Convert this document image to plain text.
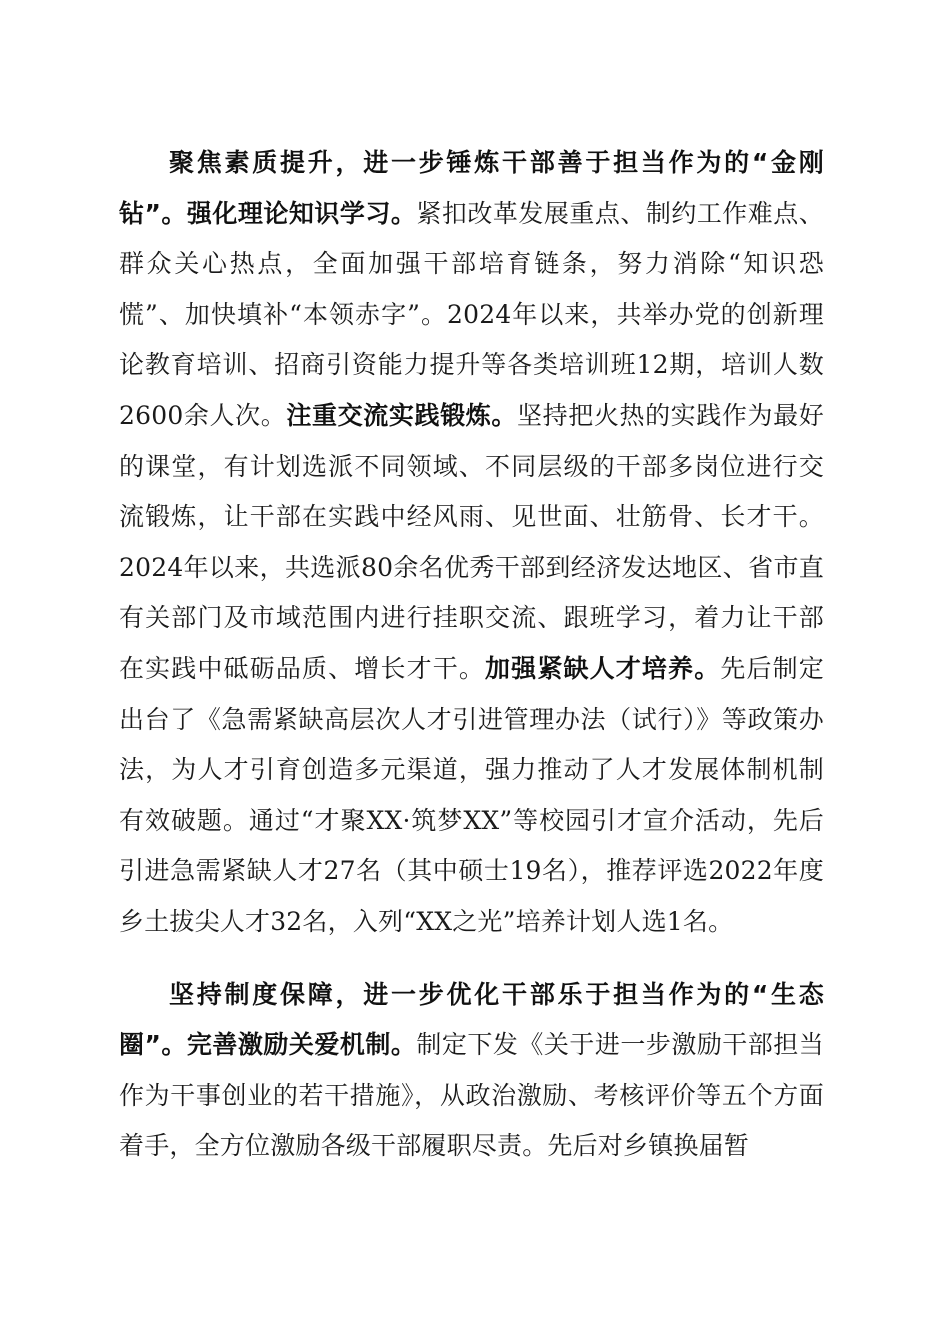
聚焦素质提升，进一步锤炼干部善于担当作为的“金刚钻”。强化理论知识学习。紧扣改革发展重点、制约工作难点、群众关心热点，全面加强干部培育链条，努力消除“知识恐慌”、加快填补“本领赤字”。2024年以来，共举办党的创新理论教育培训、招商引资能力提升等各类培训班12期，培训人数2600余人次。注重交流实践锻炼。坚持把火热的实践作为最好的课堂，有计划选派不同领域、不同层级的干部多岗位进行交流锻炼，让干部在实践中经风雨、见世面、壮筋骨、长才干。2024年以来，共选派80余名优秀干部到经济发达地区、省市直有关部门及市域范围内进行挂职交流、跟班学习，着力让干部在实践中砥砺品质、增长才干。加强紧缺人才培养。先后制定出台了《急需紧缺高层次人才引进管理办法（试行）》等政策办法，为人才引育创造多元渠道，强力推动了人才发展体制机制有效破题。通过“才聚XX·筑梦XX”等校园引才宣介活动，先后引进急需紧缺人才27名（其中硕士19名），推荐评选2022年度乡土拔尖人才32名，入列“XX之光”培养计划人选1名。

坚持制度保障，进一步优化干部乐于担当作为的“生态圈”。完善激励关爱机制。制定下发《关于进一步激励干部担当作为干事创业的若干措施》，从政治激励、考核评价等五个方面着手，全方位激励各级干部履职尽责。先后对乡镇换届暂
